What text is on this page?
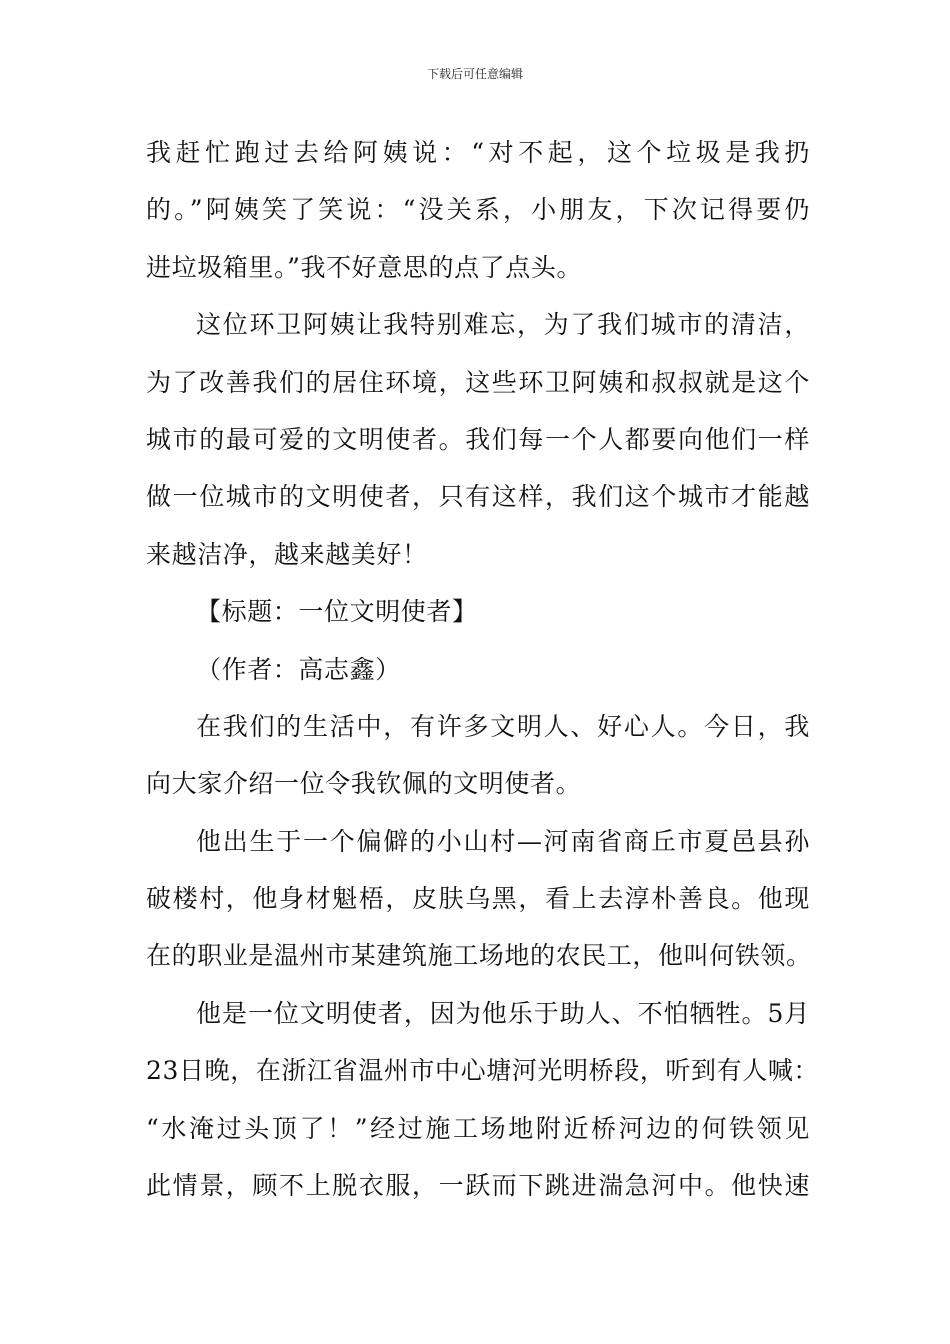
下载后可任意编辑
我赶忙跑过去给阿姨说：“对不起，这个垃圾是我扔
的。”阿姨笑了笑说：“没关系，小朋友，下次记得要仍
进垃圾箱里。”我不好意思的点了点头。
这位环卫阿姨让我特别难忘，为了我们城市的清洁，
为了改善我们的居住环境，这些环卫阿姨和叔叔就是这个
城市的最可爱的文明使者。我们每一个人都要向他们一样
做一位城市的文明使者，只有这样，我们这个城市才能越
来越洁净，越来越美好！
【标题：一位文明使者】
（作者：高志鑫）
在我们的生活中，有许多文明人、好心人。今日，我
向大家介绍一位令我钦佩的文明使者。
他出生于一个偏僻的小山村—河南省商丘市夏邑县孙
破楼村，他身材魁梧，皮肤乌黑，看上去淳朴善良。他现
在的职业是温州市某建筑施工场地的农民工，他叫何铁领。
他是一位文明使者，因为他乐于助人、不怕牺牲。5月
23日晚，在浙江省温州市中心塘河光明桥段，听到有人喊：
“水淹过头顶了！”经过施工场地附近桥河边的何铁领见
此情景，顾不上脱衣服，一跃而下跳进湍急河中。他快速
